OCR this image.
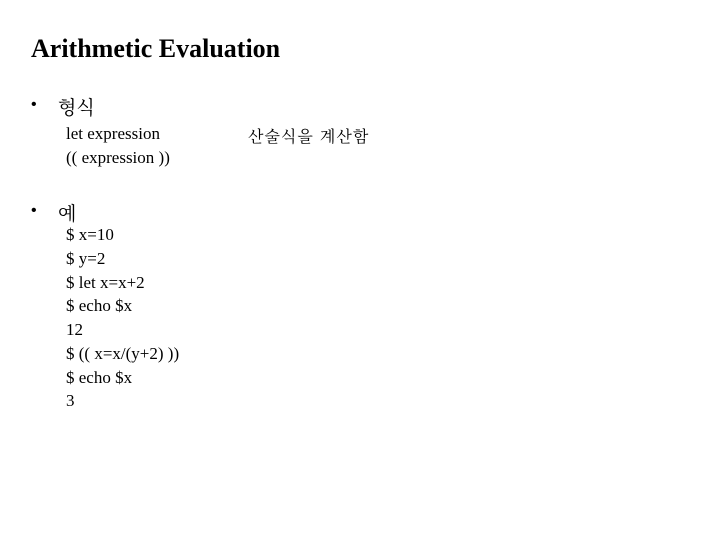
Arithmetic Evaluation
• 형식
let expression
(( expression ))
산술식을 계산함
• 예
$ x=10
$ y=2
$ let x=x+2
$ echo $x
12
$ (( x=x/(y+2) ))
$ echo $x
3
